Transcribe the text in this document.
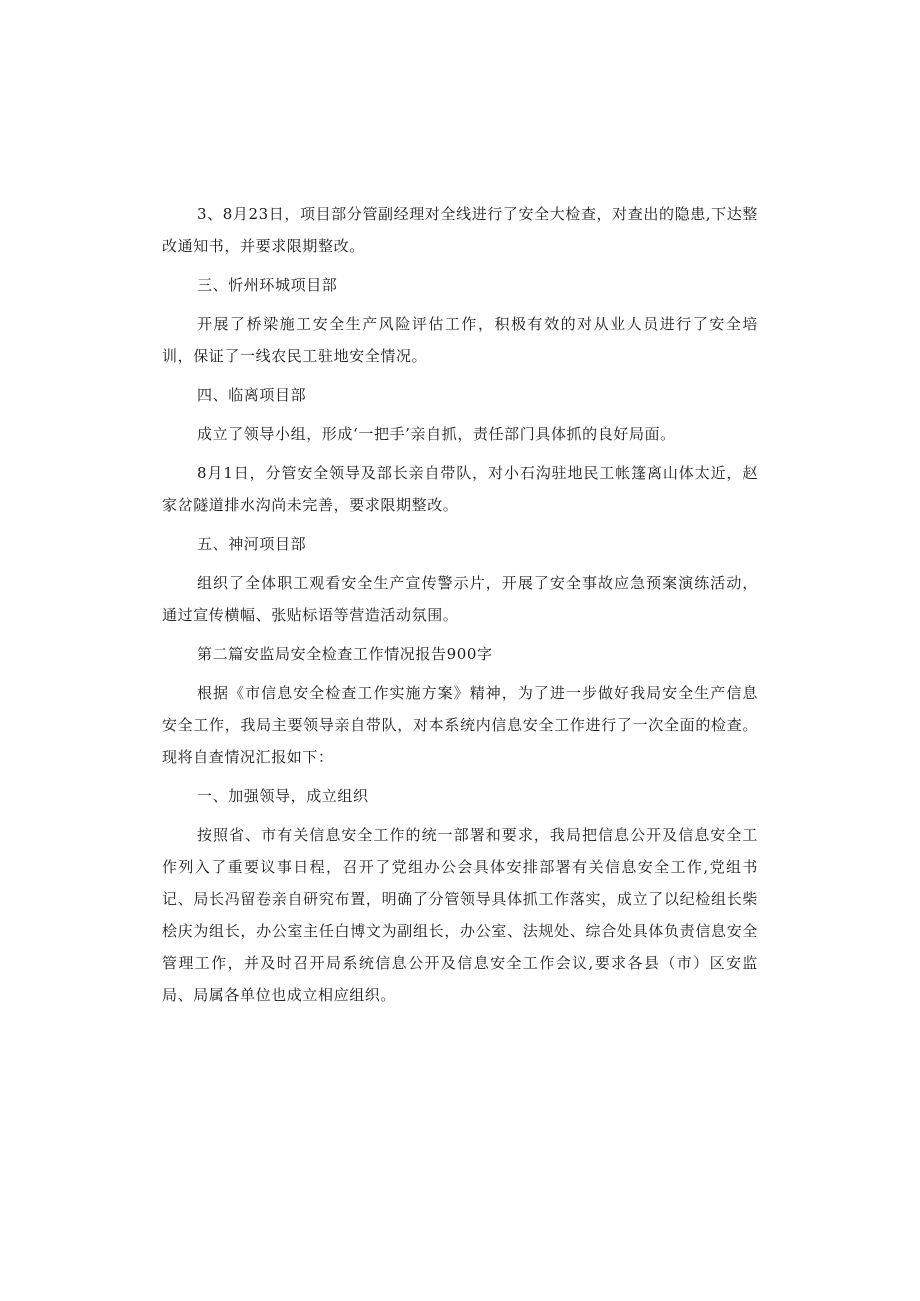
3、8月23日，项目部分管副经理对全线进行了安全大检查，对查出的隐患,下达整改通知书，并要求限期整改。

三、忻州环城项目部

开展了桥梁施工安全生产风险评估工作，积极有效的对从业人员进行了安全培训，保证了一线农民工驻地安全情况。

四、临离项目部

成立了领导小组，形成‘一把手’亲自抓，责任部门具体抓的良好局面。

8月1日，分管安全领导及部长亲自带队，对小石沟驻地民工帐篷离山体太近，赵家岔隧道排水沟尚未完善，要求限期整改。

五、神河项目部

组织了全体职工观看安全生产宣传警示片，开展了安全事故应急预案演练活动，通过宣传横幅、张贴标语等营造活动氛围。

第二篇安监局安全检查工作情况报告900字

根据《市信息安全检查工作实施方案》精神，为了进一步做好我局安全生产信息安全工作，我局主要领导亲自带队，对本系统内信息安全工作进行了一次全面的检查。现将自查情况汇报如下：

一、加强领导，成立组织

按照省、市有关信息安全工作的统一部署和要求，我局把信息公开及信息安全工作列入了重要议事日程，召开了党组办公会具体安排部署有关信息安全工作,党组书记、局长冯留卷亲自研究布置，明确了分管领导具体抓工作落实，成立了以纪检组长柴桧庆为组长，办公室主任白博文为副组长，办公室、法规处、综合处具体负责信息安全管理工作，并及时召开局系统信息公开及信息安全工作会议,要求各县（市）区安监局、局属各单位也成立相应组织。
